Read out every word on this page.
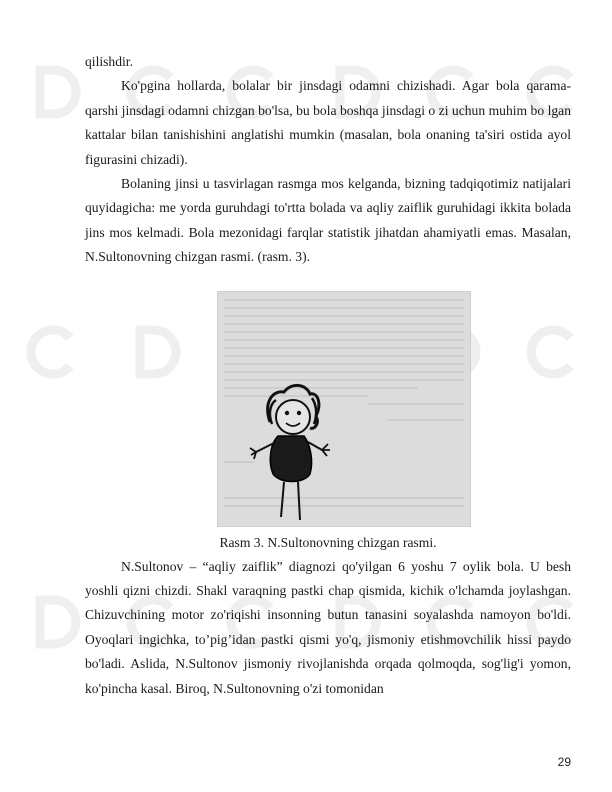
qilishdir.

Ko'pgina hollarda, bolalar bir jinsdagi odamni chizishadi. Agar bola qarama-qarshi jinsdagi odamni chizgan bo'lsa, bu bola boshqa jinsdagi o zi uchun muhim bo lgan kattalar bilan tanishishini anglatishi mumkin (masalan, bola onaning ta'siri ostida ayol figurasini chizadi).

Bolaning jinsi u tasvirlagan rasmga mos kelganda, bizning tadqiqotimiz natijalari quyidagicha: me yorda guruhdagi to'rtta bolada va aqliy zaiflik guruhidagi ikkita bolada jins mos kelmadi. Bola mezonidagi farqlar statistik jihatdan ahamiyatli emas. Masalan, N.Sultonovning chizgan rasmi. (rasm. 3).

Rasm 3. N.Sultonovning chizgan rasmi.

N.Sultonov – “aqliy zaiflik” diagnozi qo'yilgan 6 yoshu 7 oylik bola. U besh yoshli qizni chizdi. Shakl varaqning pastki chap qismida, kichik o'lchamda joylashgan. Chizuvchining motor zo'riqishi insonning butun tanasini soyalashda namoyon bo'ldi. Oyoqlari ingichka, to’pig’idan pastki qismi yo'q, jismoniy etishmovchilik hissi paydo bo'ladi. Aslida, N.Sultonov jismoniy rivojlanishda orqada qolmoqda, sog'lig'i yomon, ko'pincha kasal. Biroq, N.Sultonovning o'zi tomonidan

29
